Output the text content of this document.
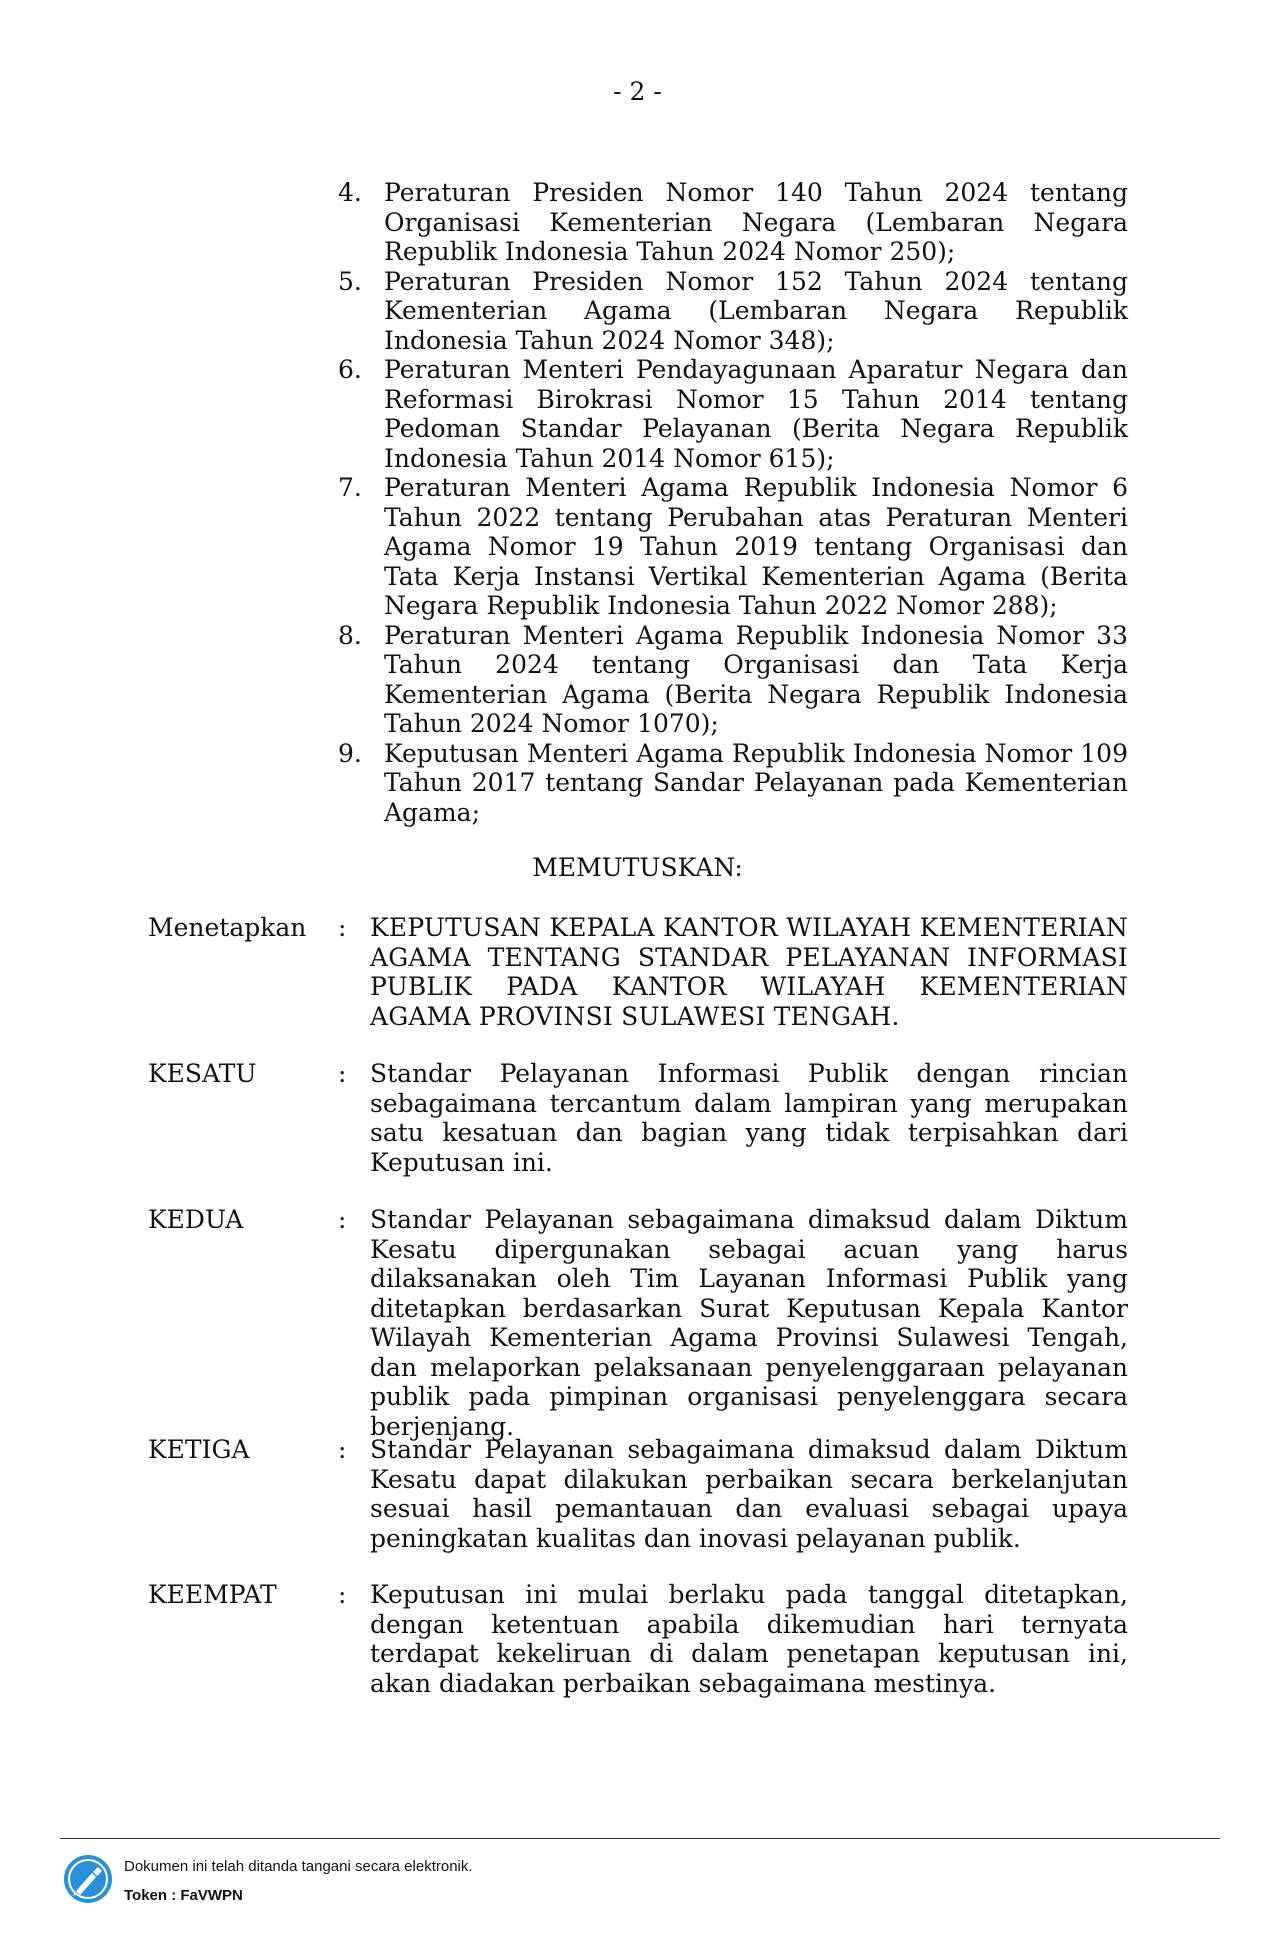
- 2 -
4. Peraturan Presiden Nomor 140 Tahun 2024 tentang Organisasi Kementerian Negara (Lembaran Negara Republik Indonesia Tahun 2024 Nomor 250);
5. Peraturan Presiden Nomor 152 Tahun 2024 tentang Kementerian Agama (Lembaran Negara Republik Indonesia Tahun 2024 Nomor 348);
6. Peraturan Menteri Pendayagunaan Aparatur Negara dan Reformasi Birokrasi Nomor 15 Tahun 2014 tentang Pedoman Standar Pelayanan (Berita Negara Republik Indonesia Tahun 2014 Nomor 615);
7. Peraturan Menteri Agama Republik Indonesia Nomor 6 Tahun 2022 tentang Perubahan atas Peraturan Menteri Agama Nomor 19 Tahun 2019 tentang Organisasi dan Tata Kerja Instansi Vertikal Kementerian Agama (Berita Negara Republik Indonesia Tahun 2022 Nomor 288);
8. Peraturan Menteri Agama Republik Indonesia Nomor 33 Tahun 2024 tentang Organisasi dan Tata Kerja Kementerian Agama (Berita Negara Republik Indonesia Tahun 2024 Nomor 1070);
9. Keputusan Menteri Agama Republik Indonesia Nomor 109 Tahun 2017 tentang Sandar Pelayanan pada Kementerian Agama;
MEMUTUSKAN:
Menetapkan	: KEPUTUSAN KEPALA KANTOR WILAYAH KEMENTERIAN AGAMA TENTANG STANDAR PELAYANAN INFORMASI PUBLIK PADA KANTOR WILAYAH KEMENTERIAN AGAMA PROVINSI SULAWESI TENGAH.
KESATU	: Standar Pelayanan Informasi Publik dengan rincian sebagaimana tercantum dalam lampiran yang merupakan satu kesatuan dan bagian yang tidak terpisahkan dari Keputusan ini.
KEDUA	: Standar Pelayanan sebagaimana dimaksud dalam Diktum Kesatu dipergunakan sebagai acuan yang harus dilaksanakan oleh Tim Layanan Informasi Publik yang ditetapkan berdasarkan Surat Keputusan Kepala Kantor Wilayah Kementerian Agama Provinsi Sulawesi Tengah, dan melaporkan pelaksanaan penyelenggaraan pelayanan publik pada pimpinan organisasi penyelenggara secara berjenjang.
KETIGA	: Standar Pelayanan sebagaimana dimaksud dalam Diktum Kesatu dapat dilakukan perbaikan secara berkelanjutan sesuai hasil pemantauan dan evaluasi sebagai upaya peningkatan kualitas dan inovasi pelayanan publik.
KEEMPAT	: Keputusan ini mulai berlaku pada tanggal ditetapkan, dengan ketentuan apabila dikemudian hari ternyata terdapat kekeliruan di dalam penetapan keputusan ini, akan diadakan perbaikan sebagaimana mestinya.
Dokumen ini telah ditanda tangani secara elektronik.
Token : FaVWPN
